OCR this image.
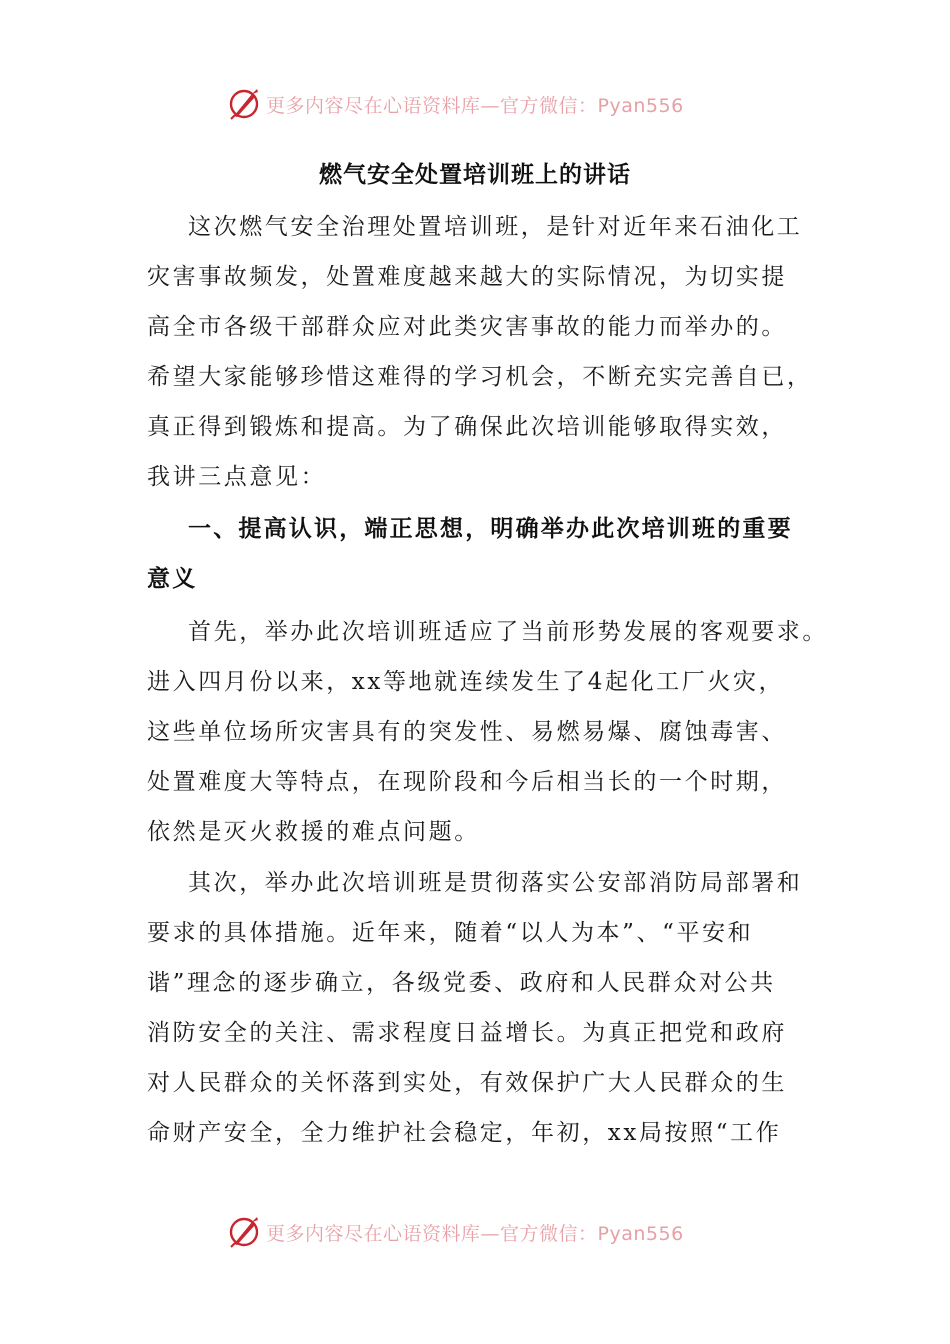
更多内容尽在心语资料库—官方微信：Pyan556
燃气安全处置培训班上的讲话
这次燃气安全治理处置培训班，是针对近年来石油化工
灾害事故频发，处置难度越来越大的实际情况，为切实提
高全市各级干部群众应对此类灾害事故的能力而举办的。
希望大家能够珍惜这难得的学习机会，不断充实完善自已，
真正得到锻炼和提高。为了确保此次培训能够取得实效，
我讲三点意见：
一、提高认识，端正思想，明确举办此次培训班的重要
意义
首先，举办此次培训班适应了当前形势发展的客观要求。
进入四月份以来，xx等地就连续发生了4起化工厂火灾，
这些单位场所灾害具有的突发性、易燃易爆、腐蚀毒害、
处置难度大等特点，在现阶段和今后相当长的一个时期，
依然是灭火救援的难点问题。
其次，举办此次培训班是贯彻落实公安部消防局部署和
要求的具体措施。近年来，随着“以人为本”、“平安和
谐”理念的逐步确立，各级党委、政府和人民群众对公共
消防安全的关注、需求程度日益增长。为真正把党和政府
对人民群众的关怀落到实处，有效保护广大人民群众的生
命财产安全，全力维护社会稳定，年初，xx局按照“工作
更多内容尽在心语资料库—官方微信：Pyan556
